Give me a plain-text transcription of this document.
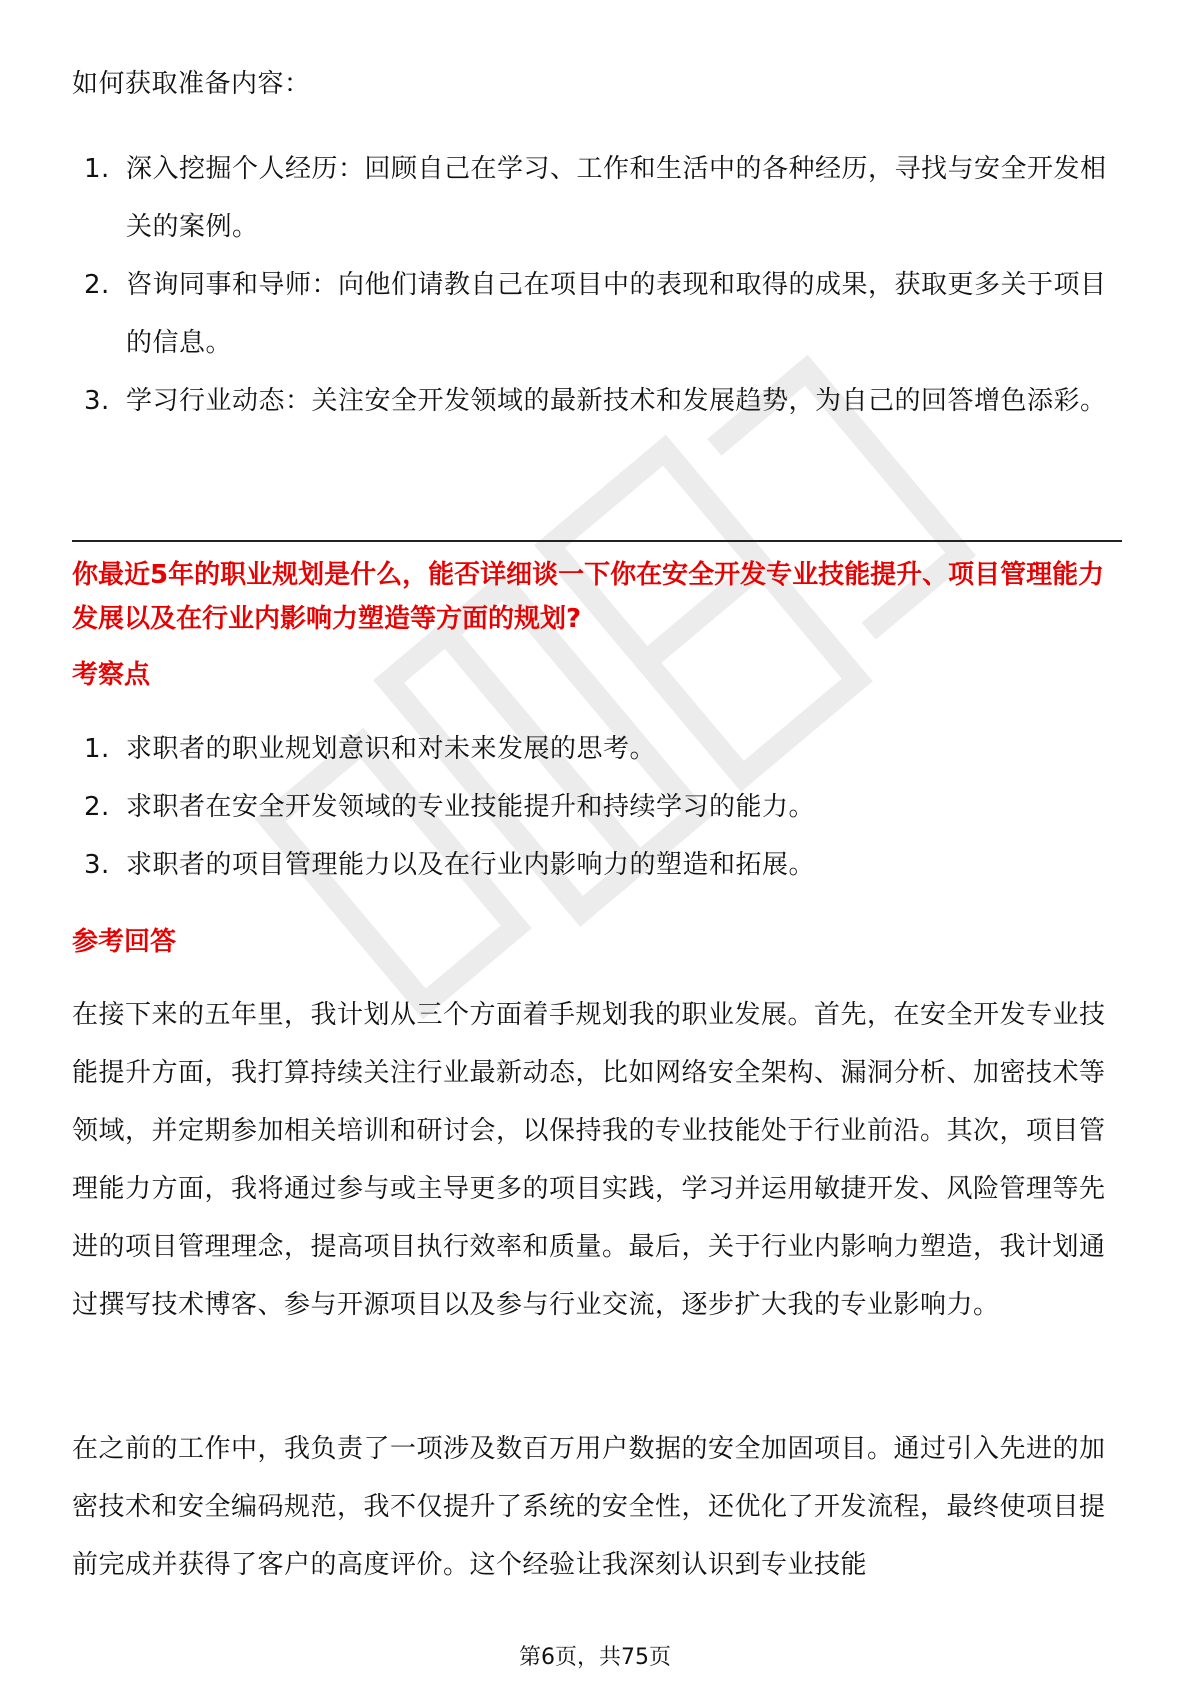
如何获取准备内容：

1. 深入挖掘个人经历：回顾自己在学习、工作和生活中的各种经历，寻找与安全开发相关的案例。
2. 咨询同事和导师：向他们请教自己在项目中的表现和取得的成果，获取更多关于项目的信息。
3. 学习行业动态：关注安全开发领域的最新技术和发展趋势，为自己的回答增色添彩。

你最近5年的职业规划是什么，能否详细谈一下你在安全开发专业技能提升、项目管理能力发展以及在行业内影响力塑造等方面的规划?

考察点

1. 求职者的职业规划意识和对未来发展的思考。
2. 求职者在安全开发领域的专业技能提升和持续学习的能力。
3. 求职者的项目管理能力以及在行业内影响力的塑造和拓展。

参考回答

在接下来的五年里，我计划从三个方面着手规划我的职业发展。首先，在安全开发专业技能提升方面，我打算持续关注行业最新动态，比如网络安全架构、漏洞分析、加密技术等领域，并定期参加相关培训和研讨会，以保持我的专业技能处于行业前沿。其次，项目管理能力方面，我将通过参与或主导更多的项目实践，学习并运用敏捷开发、风险管理等先进的项目管理理念，提高项目执行效率和质量。最后，关于行业内影响力塑造，我计划通过撰写技术博客、参与开源项目以及参与行业交流，逐步扩大我的专业影响力。

在之前的工作中，我负责了一项涉及数百万用户数据的安全加固项目。通过引入先进的加密技术和安全编码规范，我不仅提升了系统的安全性，还优化了开发流程，最终使项目提前完成并获得了客户的高度评价。这个经验让我深刻认识到专业技能

第6页，共75页
